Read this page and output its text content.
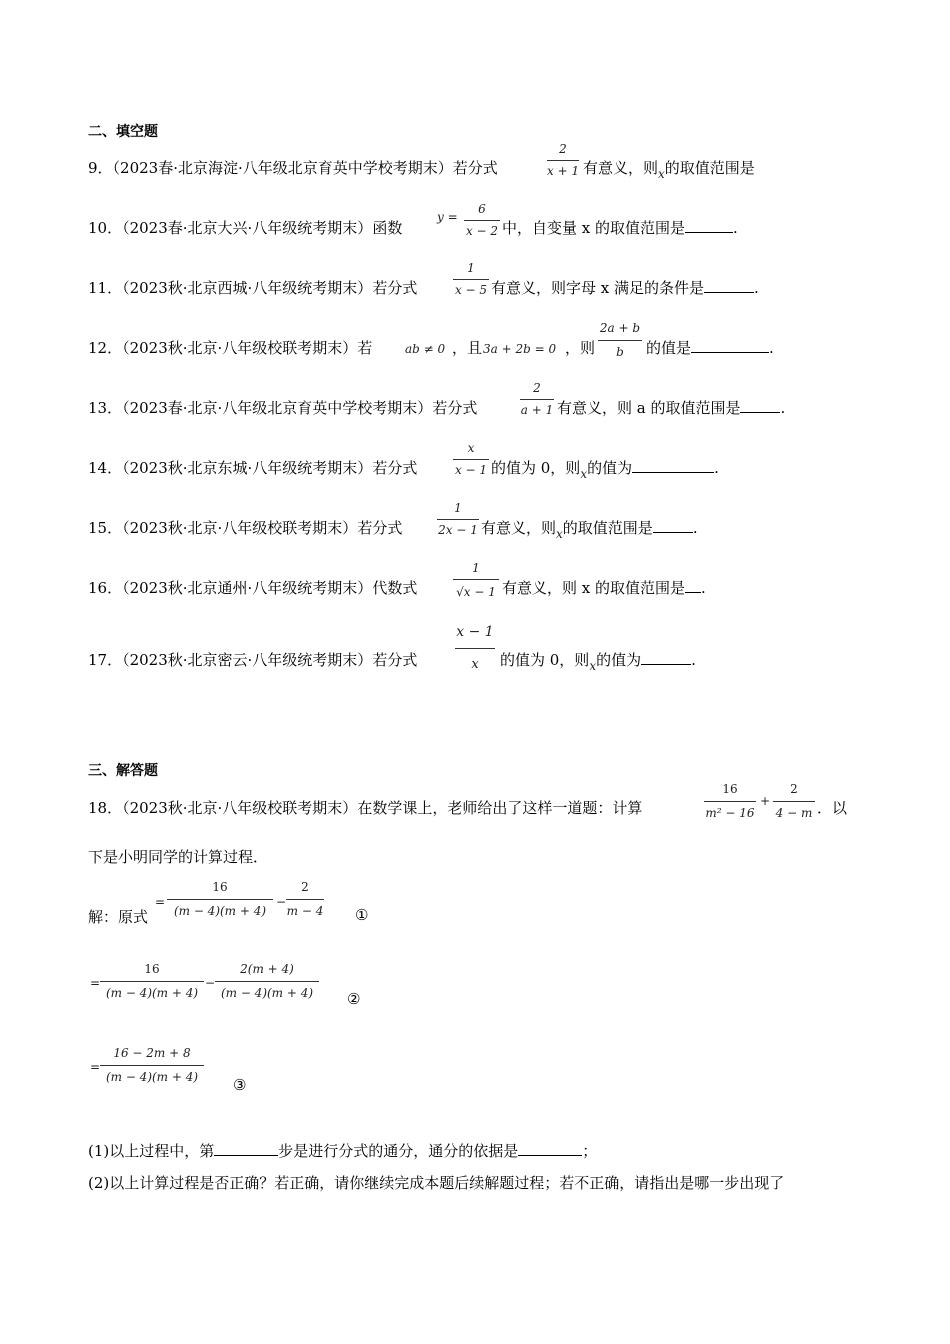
二、填空题
9．（2023春·北京海淀·八年级北京育英中学校考期末）若分式
2
x + 1 有意义，则$_x$的取值范围是
10．（2023春·北京大兴·八年级统考期末）函数
y =
6
x − 2 中，自变量 x 的取值范围是	.
11．（2023秋·北京西城·八年级统考期末）若分式
1
x − 5 有意义，则字母 x 满足的条件是	.
12．（2023秋·北京·八年级校联考期末）若	ab ≠ 0 ，且 3a + 2b = 0 ，则
2a + b
b	的值是	.
13．（2023春·北京·八年级北京育英中学校考期末）若分式
2
a + 1 有意义，则 a 的取值范围是	.
14．（2023秋·北京东城·八年级统考期末）若分式
x
x − 1 的值为 0，则$_x$的值为	.
15．（2023秋·北京·八年级校联考期末）若分式
1
2x − 1 有意义，则$_x$的取值范围是	.
16．（2023秋·北京通州·八年级统考期末）代数式
1
√x − 1 有意义，则 x 的取值范围是 .
17．（2023秋·北京密云·八年级统考期末）若分式
x − 1
x	的值为 0，则$_x$的值为	.
三、解答题
18．（2023秋·北京·八年级校联考期末）在数学课上，老师给出了这样一道题：计算
16
m² − 16
+
2
4 − m ．以
下是小明同学的计算过程．
解：原式
=
16
(m − 4)(m + 4)
−
2
m − 4 ①
=
16
(m − 4)(m + 4)
−
2(m + 4)
(m − 4)(m + 4)	②
=
16 − 2m + 8
(m − 4)(m + 4)	③
(1)以上过程中，第	步是进行分式的通分，通分的依据是	；
(2)以上计算过程是否正确？若正确，请你继续完成本题后续解题过程；若不正确，请指出是哪一步出现了
